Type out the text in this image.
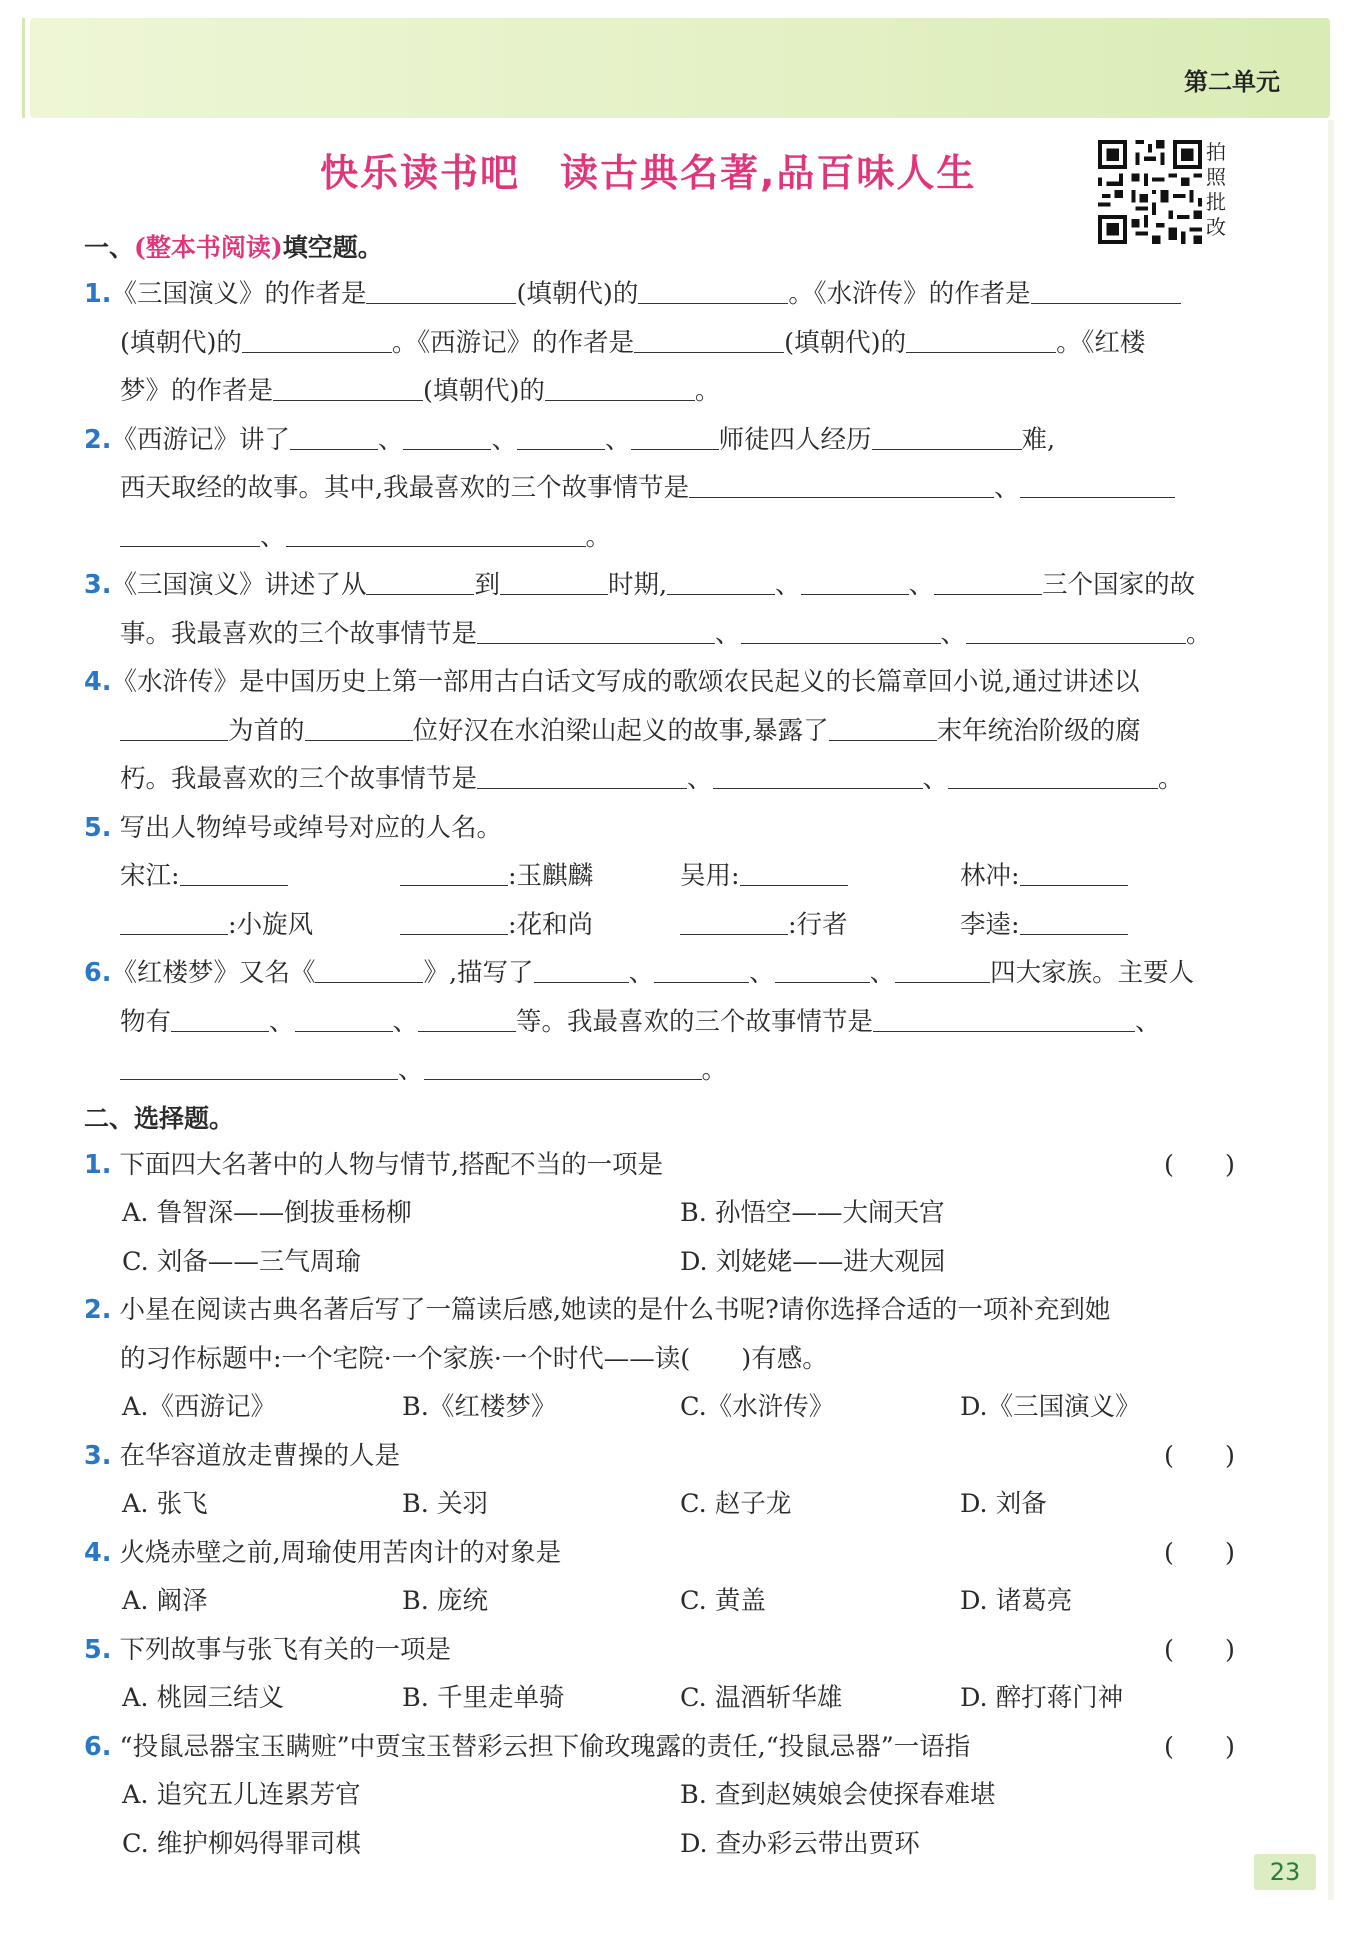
第二单元
快乐读书吧　读古典名著,品百味人生	拍
照
批
改
一、(整本书阅读)填空题。
1.《三国演义》的作者是	(填朝代)的	。《水浒传》的作者是
(填朝代)的	。《西游记》的作者是	(填朝代)的	。《红楼
梦》的作者是	(填朝代)的	。
2.《西游记》讲了	、	、	、	师徒四人经历	难,
西天取经的故事。其中,我最喜欢的三个故事情节是	、
、	。
3.《三国演义》讲述了从	到	时期,	、	、	三个国家的故
事。我最喜欢的三个故事情节是	、	、	。
4.《水浒传》是中国历史上第一部用古白话文写成的歌颂农民起义的长篇章回小说,通过讲述以
为首的	位好汉在水泊梁山起义的故事,暴露了	末年统治阶级的腐
朽。我最喜欢的三个故事情节是	、	、	。
5. 写出人物绰号或绰号对应的人名。
宋江:	:玉麒麟	吴用:	林冲:
:小旋风	:花和尚	:行者	李逵:
6.《红楼梦》又名《	》,描写了	、	、	、	四大家族。主要人
物有	、	、	等。我最喜欢的三个故事情节是	、
、	。
二、选择题。
1. 下面四大名著中的人物与情节,搭配不当的一项是	(　　)
A. 鲁智深——倒拔垂杨柳	B. 孙悟空——大闹天宫
C. 刘备——三气周瑜	D. 刘姥姥——进大观园
2. 小星在阅读古典名著后写了一篇读后感,她读的是什么书呢?请你选择合适的一项补充到她
的习作标题中:一个宅院·一个家族·一个时代——读(　　)有感。
A.《西游记》	B.《红楼梦》	C.《水浒传》	D.《三国演义》
3. 在华容道放走曹操的人是	(　　)
A. 张飞	B. 关羽	C. 赵子龙	D. 刘备
4. 火烧赤壁之前,周瑜使用苦肉计的对象是	(　　)
A. 阚泽	B. 庞统	C. 黄盖	D. 诸葛亮
5. 下列故事与张飞有关的一项是	(　　)
A. 桃园三结义	B. 千里走单骑	C. 温酒斩华雄	D. 醉打蒋门神
6. “投鼠忌器宝玉瞒赃”中贾宝玉替彩云担下偷玫瑰露的责任,“投鼠忌器”一语指	(　　)
A. 追究五儿连累芳官	B. 查到赵姨娘会使探春难堪
C. 维护柳妈得罪司棋	D. 查办彩云带出贾环
23
